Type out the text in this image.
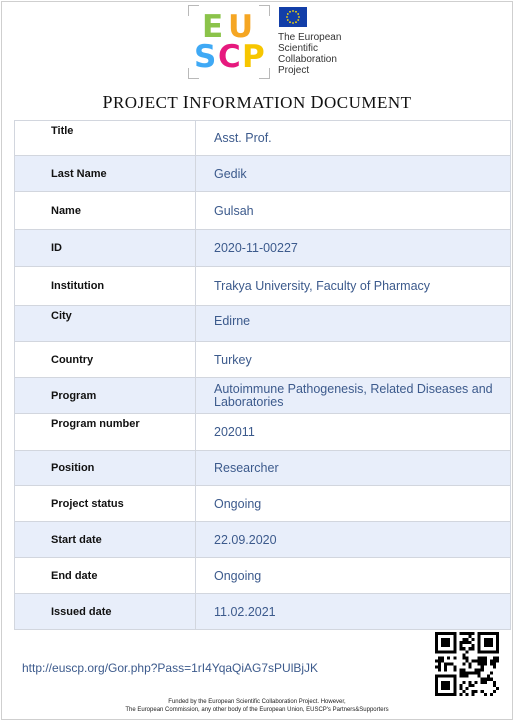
E U
S C P
The European
Scientific
Collaboration
Project
PROJECT INFORMATION DOCUMENT
Title	Asst. Prof.
Last Name	Gedik
Name	Gulsah
ID	2020-11-00227
Institution	Trakya University, Faculty of Pharmacy
City	Edirne
Country	Turkey
Program	Autoimmune Pathogenesis, Related Diseases and Laboratories
Program number	202011
Position	Researcher
Project status	Ongoing
Start date	22.09.2020
End date	Ongoing
Issued date	11.02.2021
http://euscp.org/Gor.php?Pass=1rI4YqaQiAG7sPUlBjJK
Funded by the European Scientific Collaboration Project. However,
The European Commission, any other body of the European Union, EUSCP's Partners&Supporters
